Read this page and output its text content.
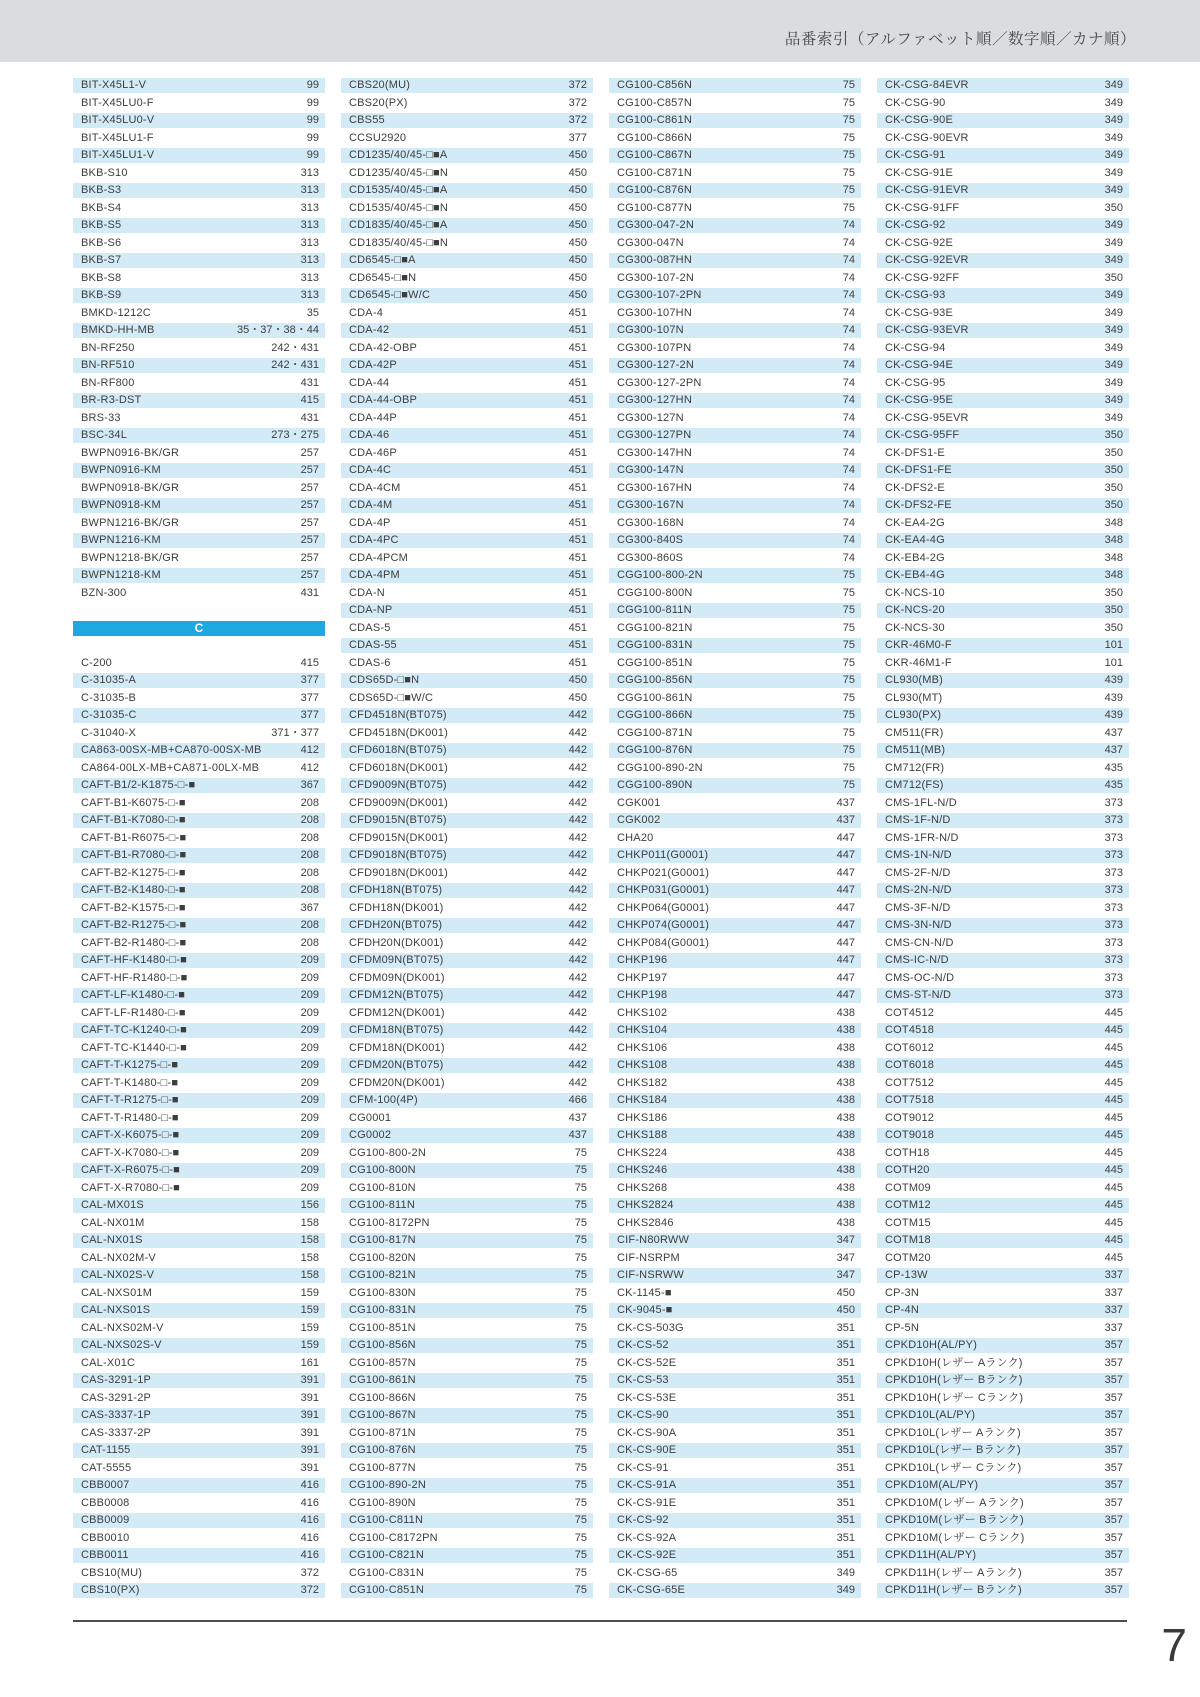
品番索引（アルファベット順／数字順／カナ順）
BIT-X45L1-V	99
BIT-X45LU0-F	99
BIT-X45LU0-V	99
BIT-X45LU1-F	99
BIT-X45LU1-V	99
BKB-S10	313
BKB-S3	313
BKB-S4	313
BKB-S5	313
BKB-S6	313
BKB-S7	313
BKB-S8	313
BKB-S9	313
BMKD-1212C	35
BMKD-HH-MB	35・37・38・44
BN-RF250	242・431
BN-RF510	242・431
BN-RF800	431
BR-R3-DST	415
BRS-33	431
BSC-34L	273・275
BWPN0916-BK/GR	257
BWPN0916-KM	257
BWPN0918-BK/GR	257
BWPN0918-KM	257
BWPN1216-BK/GR	257
BWPN1216-KM	257
BWPN1218-BK/GR	257
BWPN1218-KM	257
BZN-300	431
C
C-200	415
C-31035-A	377
C-31035-B	377
C-31035-C	377
C-31040-X	371・377
CA863-00SX-MB+CA870-00SX-MB	412
CA864-00LX-MB+CA871-00LX-MB	412
CAFT-B1/2-K1875-□-■	367
CAFT-B1-K6075-□-■	208
CAFT-B1-K7080-□-■	208
CAFT-B1-R6075-□-■	208
CAFT-B1-R7080-□-■	208
CAFT-B2-K1275-□-■	208
CAFT-B2-K1480-□-■	208
CAFT-B2-K1575-□-■	367
CAFT-B2-R1275-□-■	208
CAFT-B2-R1480-□-■	208
CAFT-HF-K1480-□-■	209
CAFT-HF-R1480-□-■	209
CAFT-LF-K1480-□-■	209
CAFT-LF-R1480-□-■	209
CAFT-TC-K1240-□-■	209
CAFT-TC-K1440-□-■	209
CAFT-T-K1275-□-■	209
CAFT-T-K1480-□-■	209
CAFT-T-R1275-□-■	209
CAFT-T-R1480-□-■	209
CAFT-X-K6075-□-■	209
CAFT-X-K7080-□-■	209
CAFT-X-R6075-□-■	209
CAFT-X-R7080-□-■	209
CAL-MX01S	156
CAL-NX01M	158
CAL-NX01S	158
CAL-NX02M-V	158
CAL-NX02S-V	158
CAL-NXS01M	159
CAL-NXS01S	159
CAL-NXS02M-V	159
CAL-NXS02S-V	159
CAL-X01C	161
CAS-3291-1P	391
CAS-3291-2P	391
CAS-3337-1P	391
CAS-3337-2P	391
CAT-1155	391
CAT-5555	391
CBB0007	416
CBB0008	416
CBB0009	416
CBB0010	416
CBB0011	416
CBS10(MU)	372
CBS10(PX)	372
CBS20(MU)	372
CBS20(PX)	372
CBS55	372
CCSU2920	377
CD1235/40/45-□■A	450
CD1235/40/45-□■N	450
CD1535/40/45-□■A	450
CD1535/40/45-□■N	450
CD1835/40/45-□■A	450
CD1835/40/45-□■N	450
CD6545-□■A	450
CD6545-□■N	450
CD6545-□■W/C	450
CDA-4	451
CDA-42	451
CDA-42-OBP	451
CDA-42P	451
CDA-44	451
CDA-44-OBP	451
CDA-44P	451
CDA-46	451
CDA-46P	451
CDA-4C	451
CDA-4CM	451
CDA-4M	451
CDA-4P	451
CDA-4PC	451
CDA-4PCM	451
CDA-4PM	451
CDA-N	451
CDA-NP	451
CDAS-5	451
CDAS-55	451
CDAS-6	451
CDS65D-□■N	450
CDS65D-□■W/C	450
CFD4518N(BT075)	442
CFD4518N(DK001)	442
CFD6018N(BT075)	442
CFD6018N(DK001)	442
CFD9009N(BT075)	442
CFD9009N(DK001)	442
CFD9015N(BT075)	442
CFD9015N(DK001)	442
CFD9018N(BT075)	442
CFD9018N(DK001)	442
CFDH18N(BT075)	442
CFDH18N(DK001)	442
CFDH20N(BT075)	442
CFDH20N(DK001)	442
CFDM09N(BT075)	442
CFDM09N(DK001)	442
CFDM12N(BT075)	442
CFDM12N(DK001)	442
CFDM18N(BT075)	442
CFDM18N(DK001)	442
CFDM20N(BT075)	442
CFDM20N(DK001)	442
CFM-100(4P)	466
CG0001	437
CG0002	437
CG100-800-2N	75
CG100-800N	75
CG100-810N	75
CG100-811N	75
CG100-8172PN	75
CG100-817N	75
CG100-820N	75
CG100-821N	75
CG100-830N	75
CG100-831N	75
CG100-851N	75
CG100-856N	75
CG100-857N	75
CG100-861N	75
CG100-866N	75
CG100-867N	75
CG100-871N	75
CG100-876N	75
CG100-877N	75
CG100-890-2N	75
CG100-890N	75
CG100-C811N	75
CG100-C8172PN	75
CG100-C821N	75
CG100-C831N	75
CG100-C851N	75
CG100-C856N	75
CG100-C857N	75
CG100-C861N	75
CG100-C866N	75
CG100-C867N	75
CG100-C871N	75
CG100-C876N	75
CG100-C877N	75
CG300-047-2N	74
CG300-047N	74
CG300-087HN	74
CG300-107-2N	74
CG300-107-2PN	74
CG300-107HN	74
CG300-107N	74
CG300-107PN	74
CG300-127-2N	74
CG300-127-2PN	74
CG300-127HN	74
CG300-127N	74
CG300-127PN	74
CG300-147HN	74
CG300-147N	74
CG300-167HN	74
CG300-167N	74
CG300-168N	74
CG300-840S	74
CG300-860S	74
CGG100-800-2N	75
CGG100-800N	75
CGG100-811N	75
CGG100-821N	75
CGG100-831N	75
CGG100-851N	75
CGG100-856N	75
CGG100-861N	75
CGG100-866N	75
CGG100-871N	75
CGG100-876N	75
CGG100-890-2N	75
CGG100-890N	75
CGK001	437
CGK002	437
CHA20	447
CHKP011(G0001)	447
CHKP021(G0001)	447
CHKP031(G0001)	447
CHKP064(G0001)	447
CHKP074(G0001)	447
CHKP084(G0001)	447
CHKP196	447
CHKP197	447
CHKP198	447
CHKS102	438
CHKS104	438
CHKS106	438
CHKS108	438
CHKS182	438
CHKS184	438
CHKS186	438
CHKS188	438
CHKS224	438
CHKS246	438
CHKS268	438
CHKS2824	438
CHKS2846	438
CIF-N80RWW	347
CIF-NSRPM	347
CIF-NSRWW	347
CK-1145-■	450
CK-9045-■	450
CK-CS-503G	351
CK-CS-52	351
CK-CS-52E	351
CK-CS-53	351
CK-CS-53E	351
CK-CS-90	351
CK-CS-90A	351
CK-CS-90E	351
CK-CS-91	351
CK-CS-91A	351
CK-CS-91E	351
CK-CS-92	351
CK-CS-92A	351
CK-CS-92E	351
CK-CSG-65	349
CK-CSG-65E	349
CK-CSG-84EVR	349
CK-CSG-90	349
CK-CSG-90E	349
CK-CSG-90EVR	349
CK-CSG-91	349
CK-CSG-91E	349
CK-CSG-91EVR	349
CK-CSG-91FF	350
CK-CSG-92	349
CK-CSG-92E	349
CK-CSG-92EVR	349
CK-CSG-92FF	350
CK-CSG-93	349
CK-CSG-93E	349
CK-CSG-93EVR	349
CK-CSG-94	349
CK-CSG-94E	349
CK-CSG-95	349
CK-CSG-95E	349
CK-CSG-95EVR	349
CK-CSG-95FF	350
CK-DFS1-E	350
CK-DFS1-FE	350
CK-DFS2-E	350
CK-DFS2-FE	350
CK-EA4-2G	348
CK-EA4-4G	348
CK-EB4-2G	348
CK-EB4-4G	348
CK-NCS-10	350
CK-NCS-20	350
CK-NCS-30	350
CKR-46M0-F	101
CKR-46M1-F	101
CL930(MB)	439
CL930(MT)	439
CL930(PX)	439
CM511(FR)	437
CM511(MB)	437
CM712(FR)	435
CM712(FS)	435
CMS-1FL-N/D	373
CMS-1F-N/D	373
CMS-1FR-N/D	373
CMS-1N-N/D	373
CMS-2F-N/D	373
CMS-2N-N/D	373
CMS-3F-N/D	373
CMS-3N-N/D	373
CMS-CN-N/D	373
CMS-IC-N/D	373
CMS-OC-N/D	373
CMS-ST-N/D	373
COT4512	445
COT4518	445
COT6012	445
COT6018	445
COT7512	445
COT7518	445
COT9012	445
COT9018	445
COTH18	445
COTH20	445
COTM09	445
COTM12	445
COTM15	445
COTM18	445
COTM20	445
CP-13W	337
CP-3N	337
CP-4N	337
CP-5N	337
CPKD10H(AL/PY)	357
CPKD10H(レザー Aランク)	357
CPKD10H(レザー Bランク)	357
CPKD10H(レザー Cランク)	357
CPKD10L(AL/PY)	357
CPKD10L(レザー Aランク)	357
CPKD10L(レザー Bランク)	357
CPKD10L(レザー Cランク)	357
CPKD10M(AL/PY)	357
CPKD10M(レザー Aランク)	357
CPKD10M(レザー Bランク)	357
CPKD10M(レザー Cランク)	357
CPKD11H(AL/PY)	357
CPKD11H(レザー Aランク)	357
CPKD11H(レザー Bランク)	357
7
